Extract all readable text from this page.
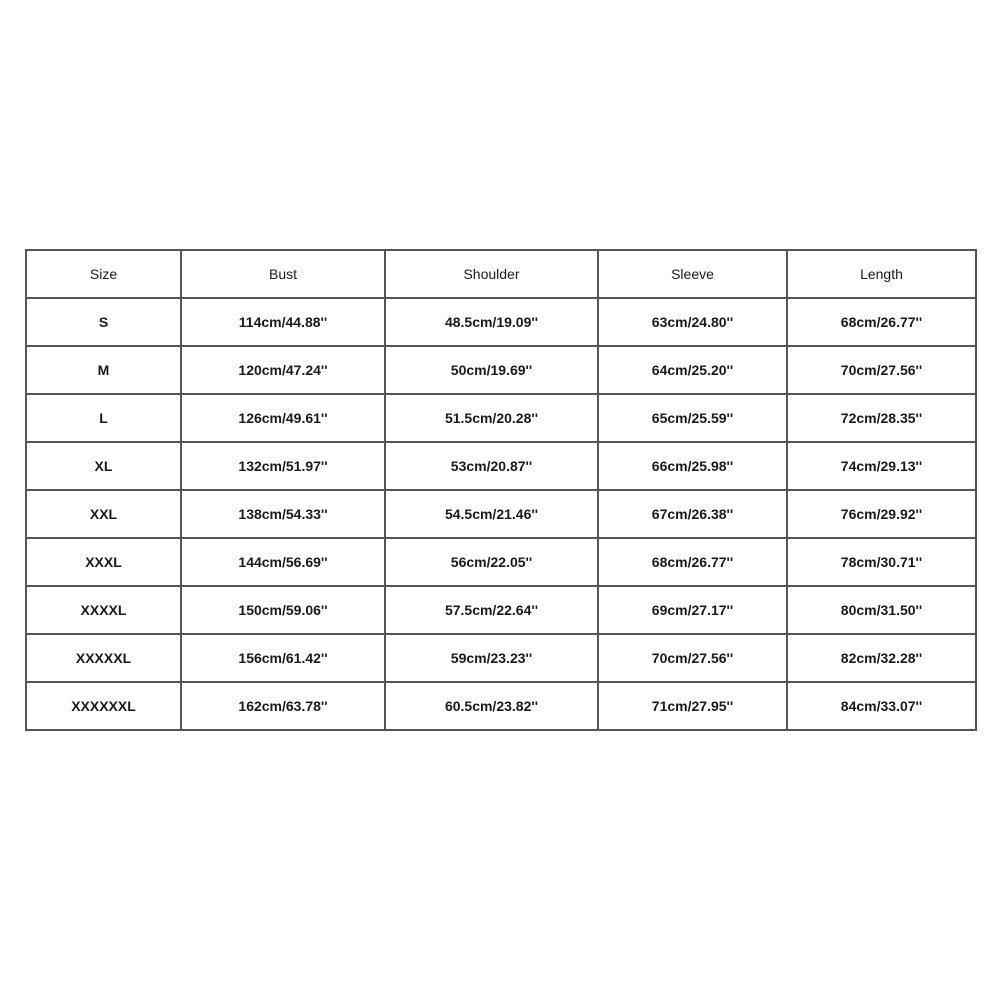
Size	Bust	Shoulder	Sleeve	Length
S	114cm/44.88''	48.5cm/19.09''	63cm/24.80''	68cm/26.77''
M	120cm/47.24''	50cm/19.69''	64cm/25.20''	70cm/27.56''
L	126cm/49.61''	51.5cm/20.28''	65cm/25.59''	72cm/28.35''
XL	132cm/51.97''	53cm/20.87''	66cm/25.98''	74cm/29.13''
XXL	138cm/54.33''	54.5cm/21.46''	67cm/26.38''	76cm/29.92''
XXXL	144cm/56.69''	56cm/22.05''	68cm/26.77''	78cm/30.71''
XXXXL	150cm/59.06''	57.5cm/22.64''	69cm/27.17''	80cm/31.50''
XXXXXL	156cm/61.42''	59cm/23.23''	70cm/27.56''	82cm/32.28''
XXXXXXL	162cm/63.78''	60.5cm/23.82''	71cm/27.95''	84cm/33.07''
